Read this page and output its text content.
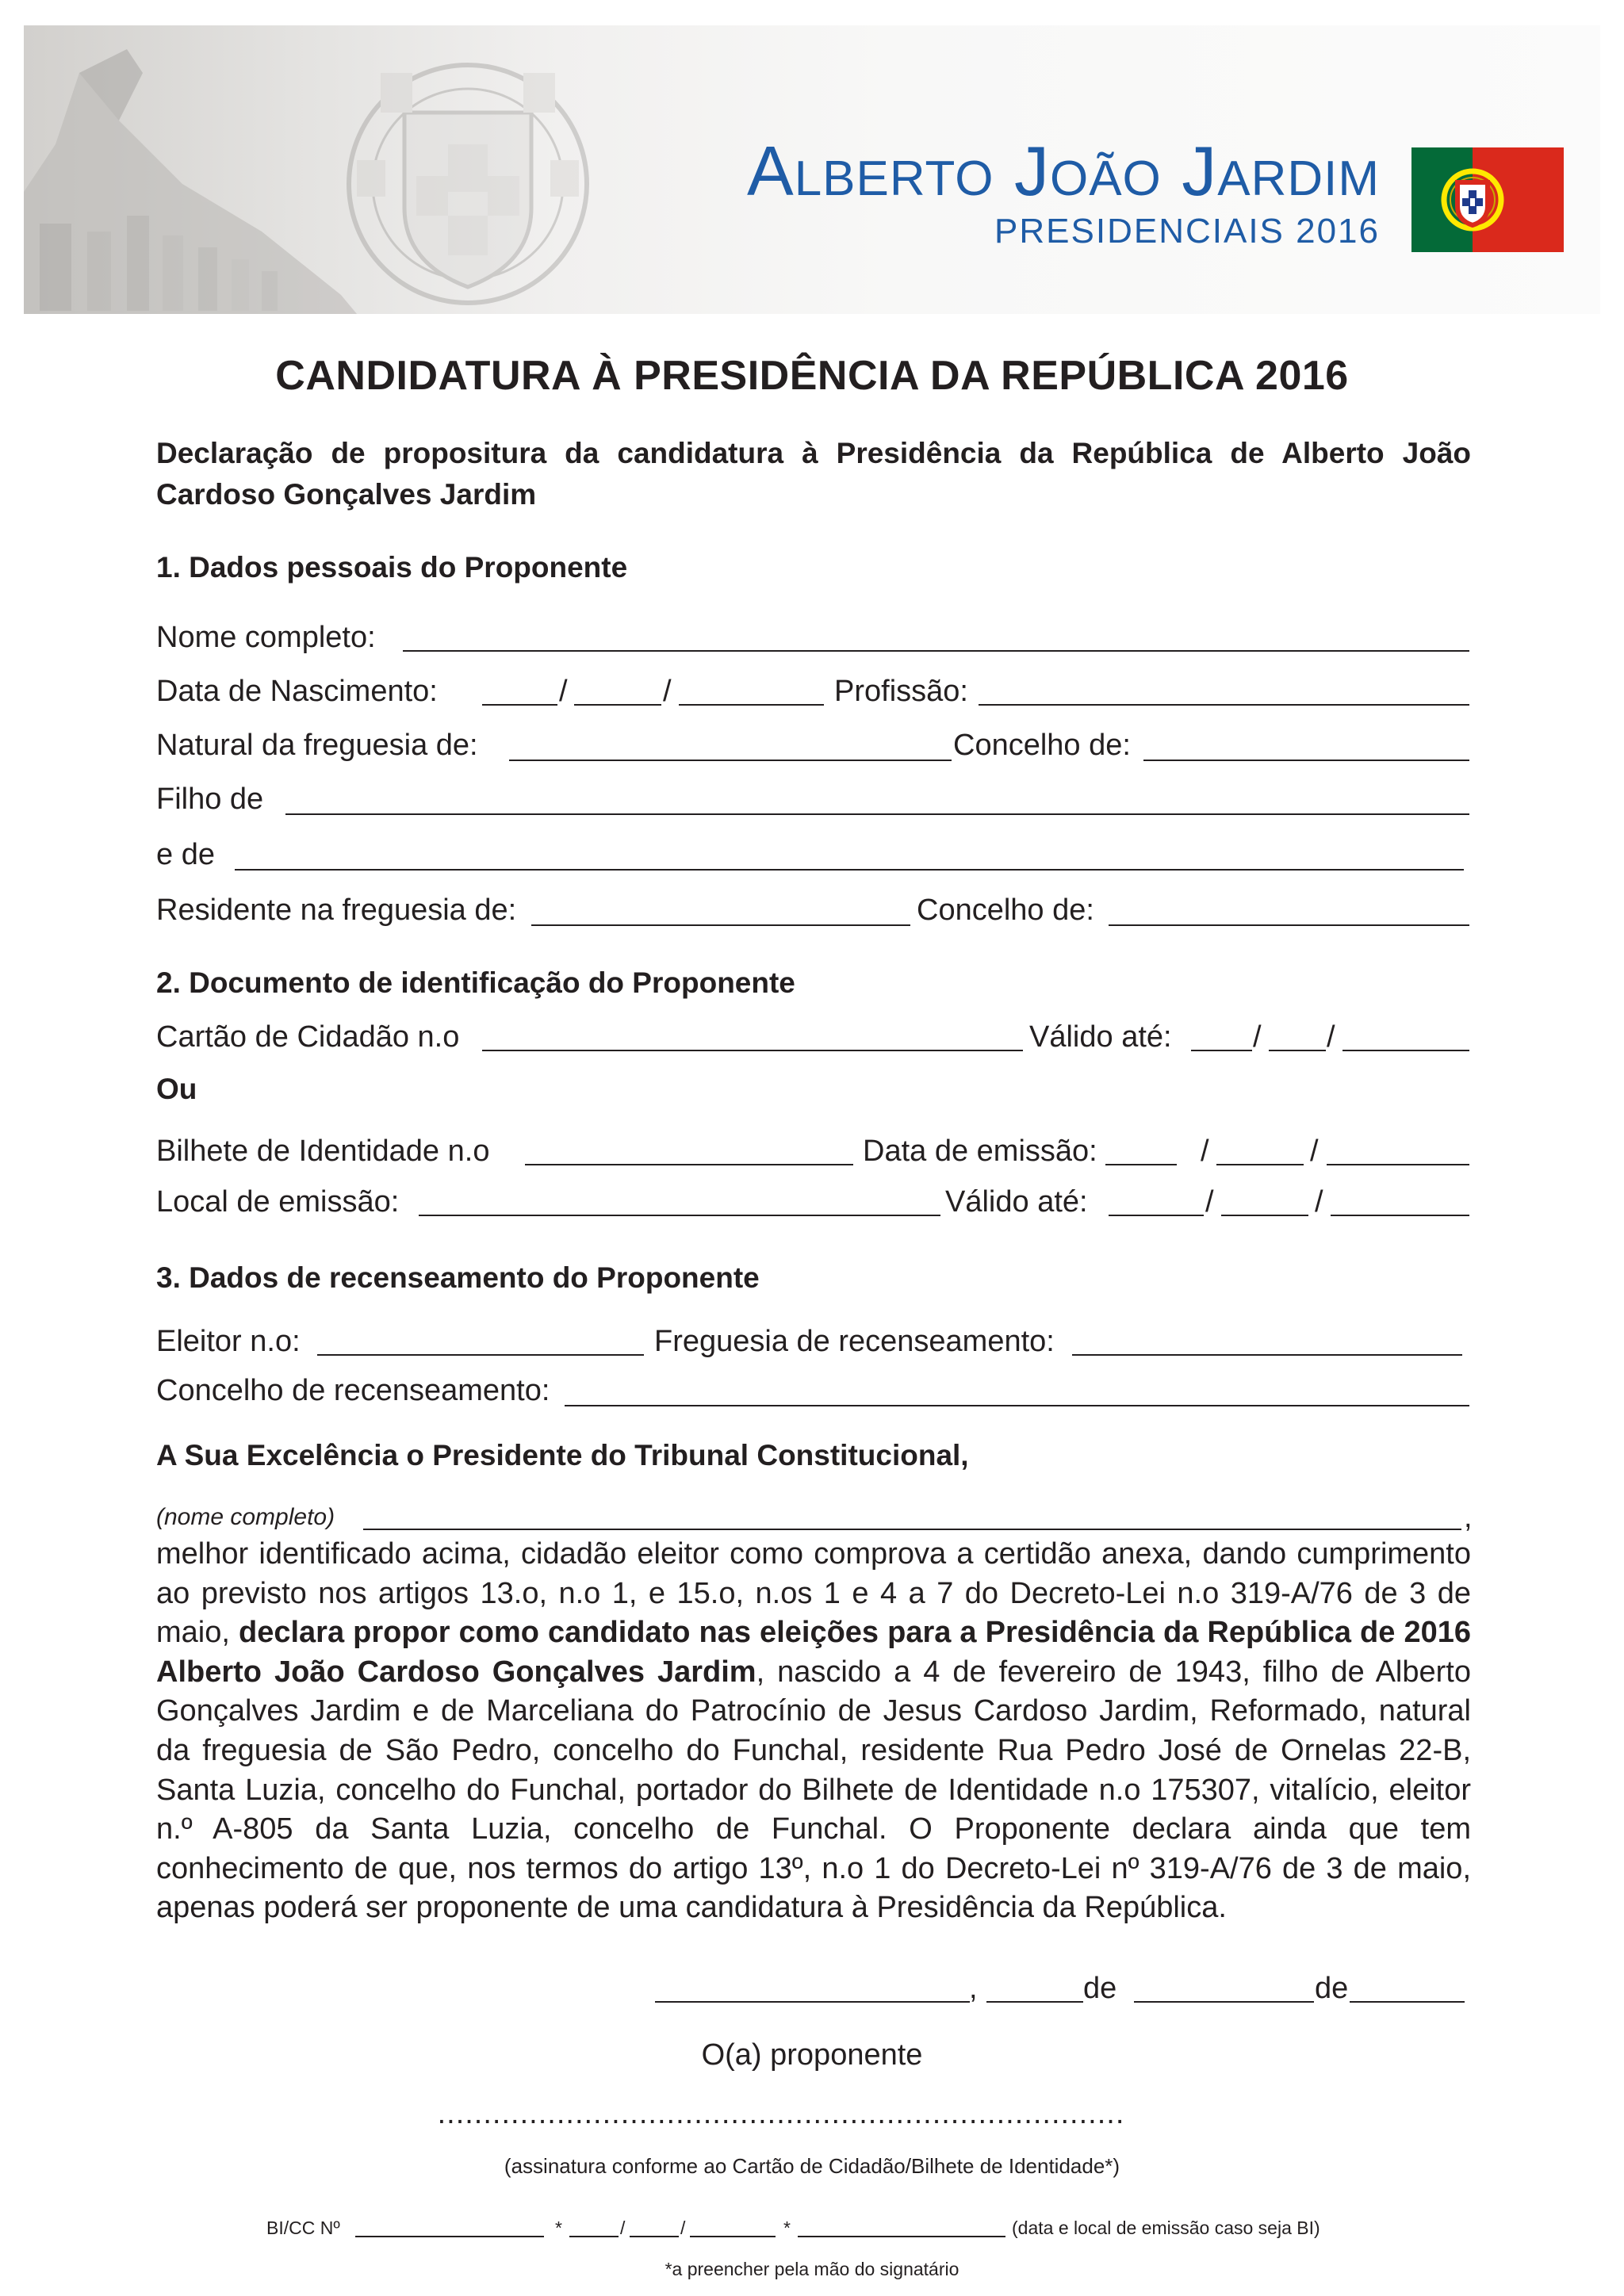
Alberto João Jardim
PRESIDENCIAIS 2016
CANDIDATURA À PRESIDÊNCIA DA REPÚBLICA 2016
Declaração de propositura da candidatura à Presidência da República de Alberto João Cardoso Gonçalves Jardim
1. Dados pessoais do Proponente
Nome completo:
Data de Nascimento:	/	/	Profissão:
Natural da freguesia de:	Concelho de:
Filho de
e de
Residente na freguesia de:	Concelho de:
2. Documento de identificação do Proponente
Cartão de Cidadão n.o	Válido até:	/ /
Ou
Bilhete de Identidade n.o	Data de emissão:	/	/
Local de emissão:	Válido até:	/	/
3. Dados de recenseamento do Proponente
Eleitor n.o:	Freguesia de recenseamento:
Concelho de recenseamento:
A Sua Excelência o Presidente do Tribunal Constitucional,
(nome completo)	,
melhor identificado acima, cidadão eleitor como comprova a certidão anexa, dando cumprimento ao previsto nos artigos 13.o, n.o 1, e 15.o, n.os 1 e 4 a 7 do Decreto-Lei n.o 319-A/76 de 3 de maio, declara propor como candidato nas eleições para a Presidência da República de 2016 Alberto João Cardoso Gonçalves Jardim, nascido a 4 de fevereiro de 1943, filho de Alberto Gonçalves Jardim e de Marceliana do Patrocínio de Jesus Cardoso Jardim, Reformado, natural da freguesia de São Pedro, concelho do Funchal, residente Rua Pedro José de Ornelas 22-B, Santa Luzia, concelho do Funchal, portador do Bilhete de Identidade n.o 175307, vitalício, eleitor n.º A-805 da Santa Luzia, concelho de Funchal. O Proponente declara ainda que tem conhecimento de que, nos termos do artigo 13º, n.o 1 do Decreto-Lei nº 319-A/76 de 3 de maio, apenas poderá ser proponente de uma candidatura à Presidência da República.
,	de	de
O(a) proponente
...........................................................................
(assinatura conforme ao Cartão de Cidadão/Bilhete de Identidade*)
BI/CC Nº	*	/	/	*	(data e local de emissão caso seja BI)
*a preencher pela mão do signatário
